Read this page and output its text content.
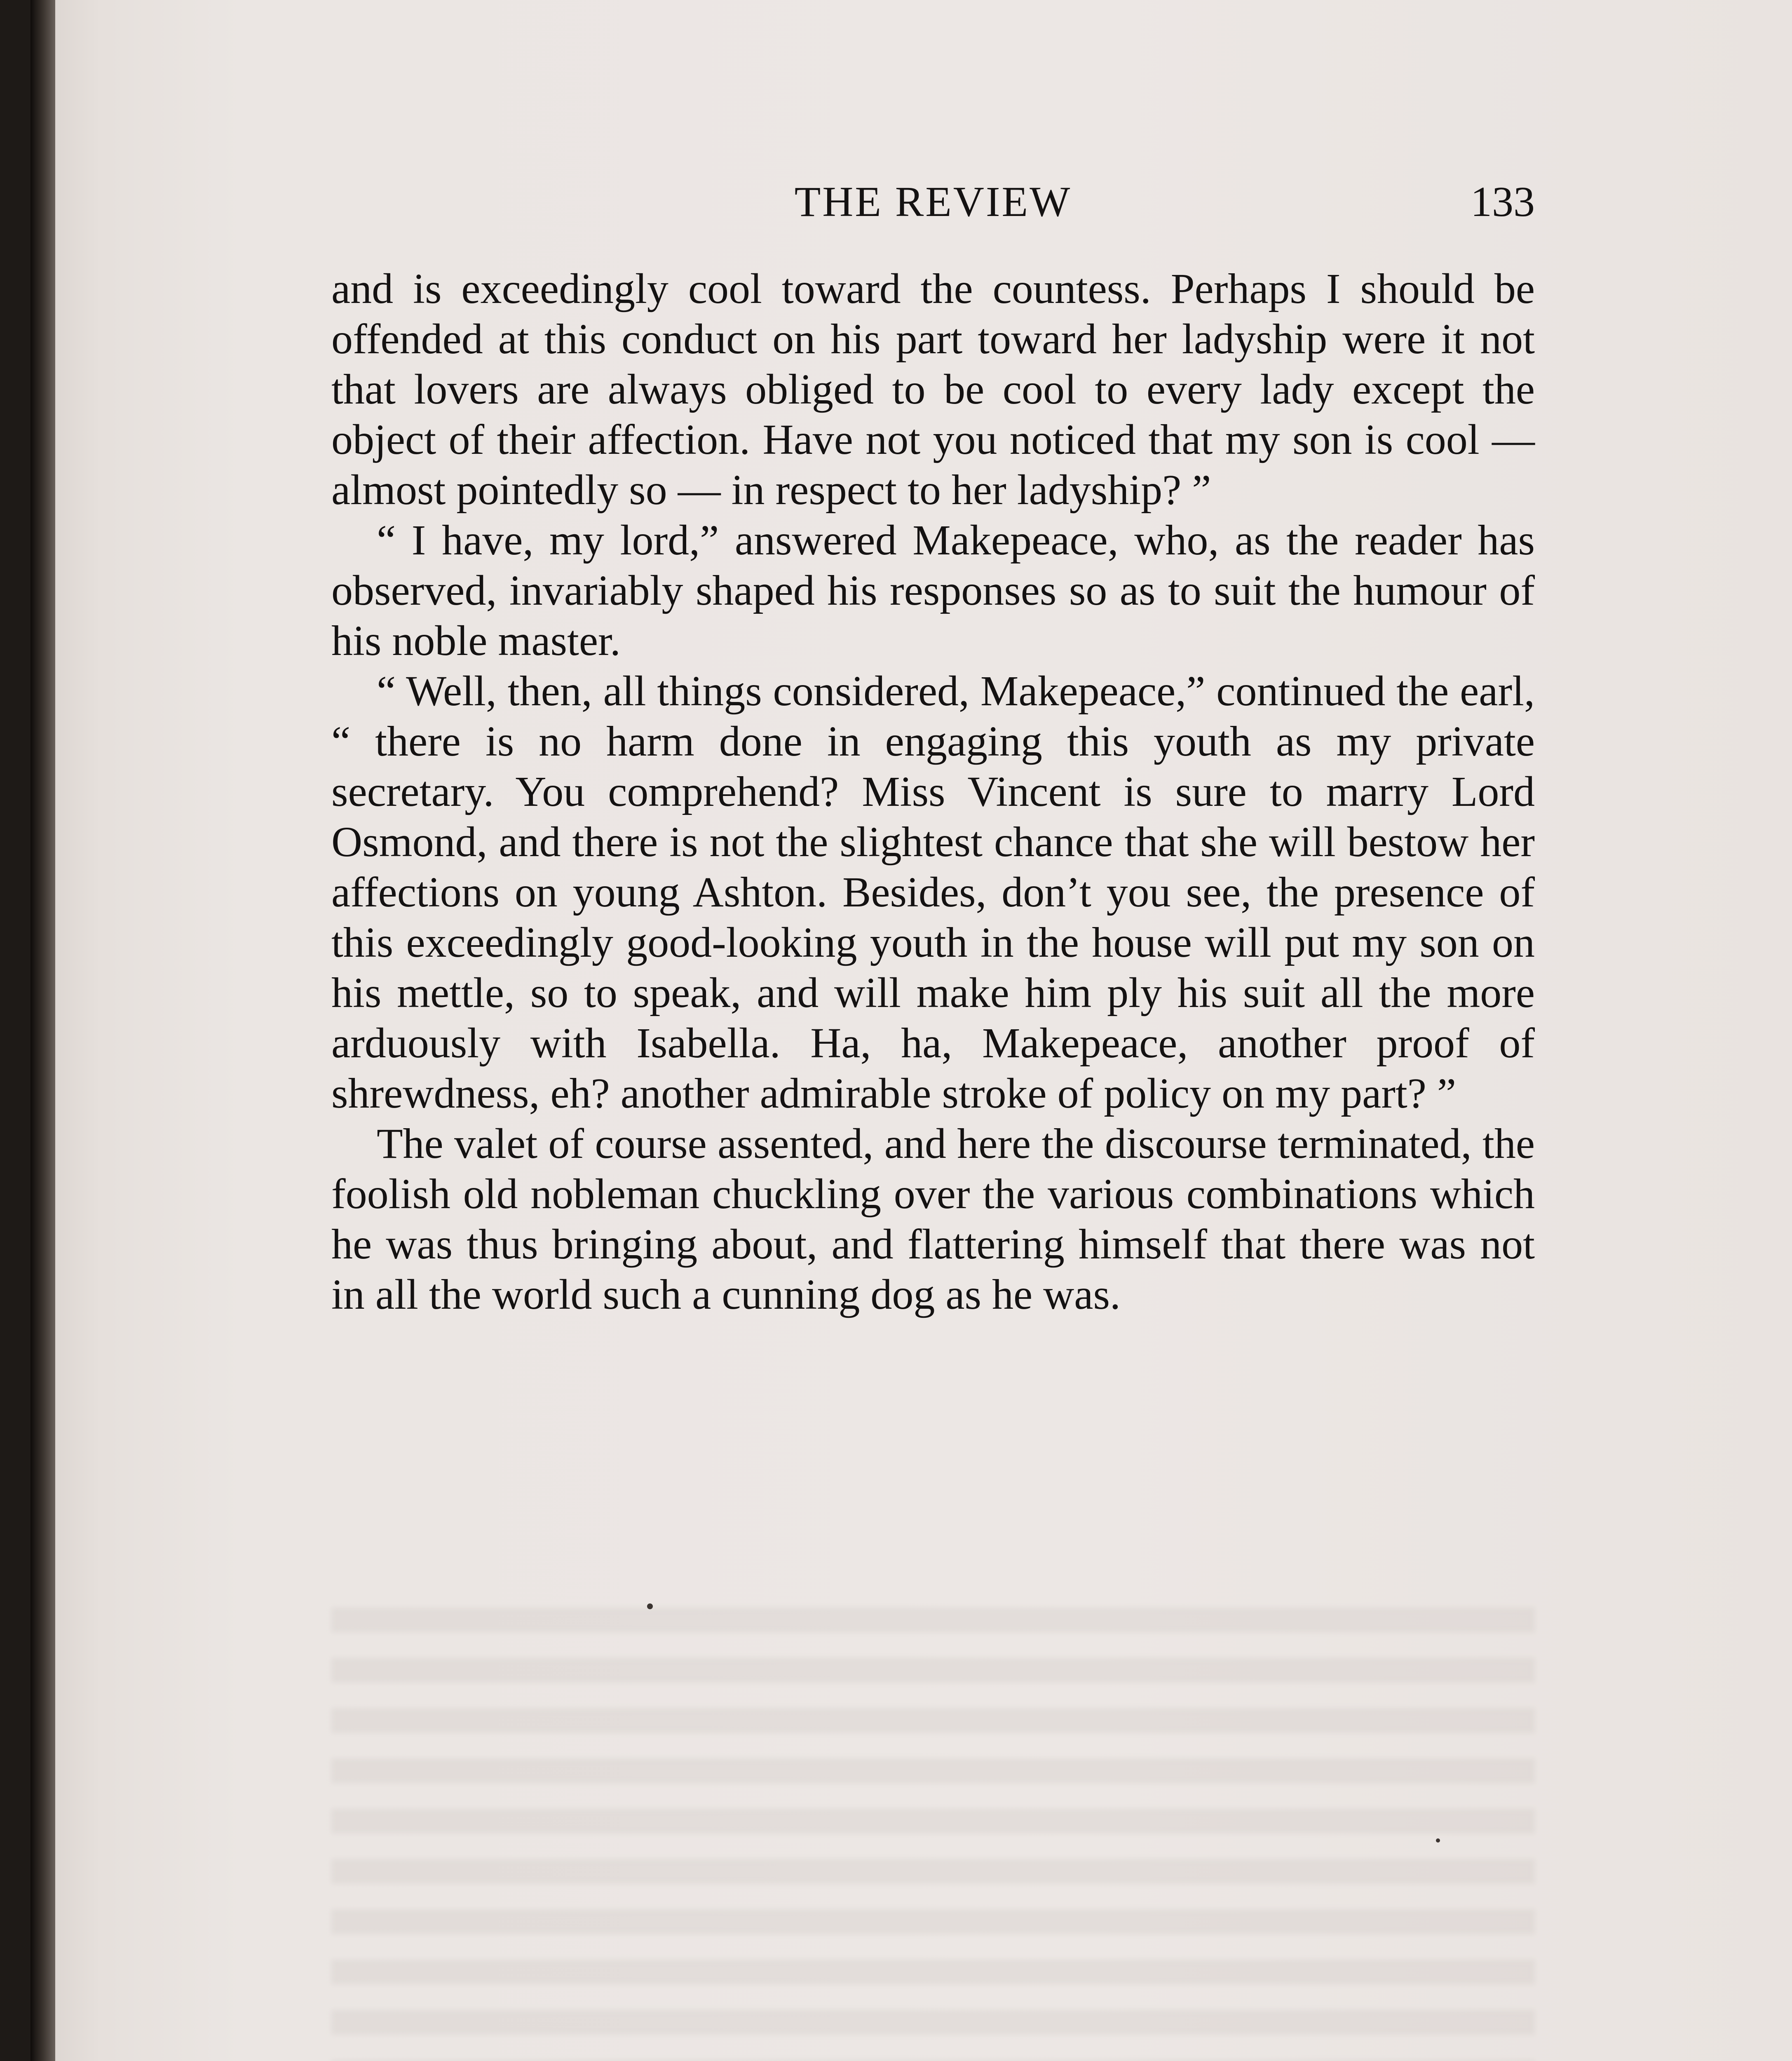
THE REVIEW	133

and is exceedingly cool toward the countess. Perhaps I should be offended at this conduct on his part toward her ladyship were it not that lovers are always obliged to be cool to every lady except the object of their affection. Have not you noticed that my son is cool — almost pointedly so — in respect to her ladyship? ”

“ I have, my lord,” answered Makepeace, who, as the reader has observed, invariably shaped his responses so as to suit the humour of his noble master.

“ Well, then, all things considered, Makepeace,” continued the earl, “ there is no harm done in engaging this youth as my private secretary. You comprehend? Miss Vincent is sure to marry Lord Osmond, and there is not the slightest chance that she will bestow her affections on young Ashton. Besides, don’t you see, the presence of this exceedingly good-looking youth in the house will put my son on his mettle, so to speak, and will make him ply his suit all the more arduously with Isabella. Ha, ha, Makepeace, another proof of shrewdness, eh? another admirable stroke of policy on my part? ”

The valet of course assented, and here the discourse terminated, the foolish old nobleman chuckling over the various combinations which he was thus bringing about, and flattering himself that there was not in all the world such a cunning dog as he was.
